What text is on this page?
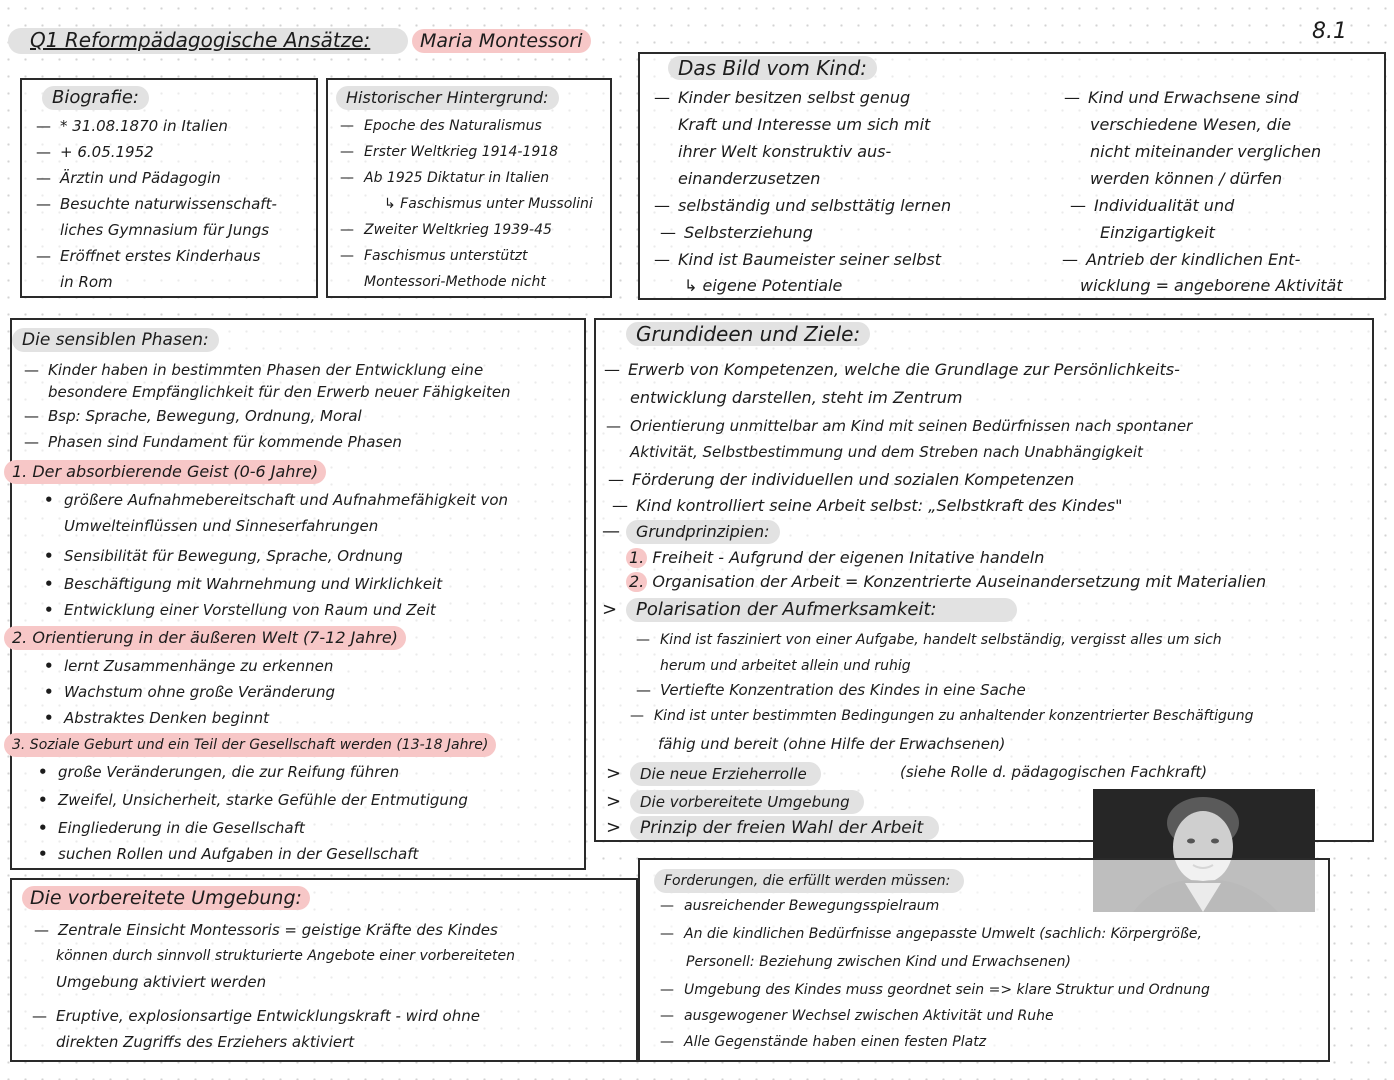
Q1 Reformpädagogische Ansätze:	Maria Montessori	8.1
Biografie:
— * 31.08.1870 in Italien
— + 6.05.1952
— Ärztin und Pädagogin
— Besuchte naturwissenschaft-
liches Gymnasium für Jungs
— Eröffnet erstes Kinderhaus
in Rom
Historischer Hintergrund:
— Epoche des Naturalismus
— Erster Weltkrieg 1914-1918
— Ab 1925 Diktatur in Italien
↳ Faschismus unter Mussolini
— Zweiter Weltkrieg 1939-45
— Faschismus unterstützt
Montessori-Methode nicht
Das Bild vom Kind:
— Kinder besitzen selbst genug
Kraft und Interesse um sich mit
ihrer Welt konstruktiv aus-
einanderzusetzen
— selbständig und selbsttätig lernen
— Selbsterziehung
— Kind ist Baumeister seiner selbst
↳ eigene Potentiale
— Kind und Erwachsene sind
verschiedene Wesen, die
nicht miteinander verglichen
werden können / dürfen
— Individualität und
Einzigartigkeit
— Antrieb der kindlichen Ent-
wicklung = angeborene Aktivität
Die sensiblen Phasen:
— Kinder haben in bestimmten Phasen der Entwicklung eine
besondere Empfänglichkeit für den Erwerb neuer Fähigkeiten
— Bsp: Sprache, Bewegung, Ordnung, Moral
— Phasen sind Fundament für kommende Phasen
1. Der absorbierende Geist (0-6 Jahre)
• größere Aufnahmebereitschaft und Aufnahmefähigkeit von
Umwelteinflüssen und Sinneserfahrungen
• Sensibilität für Bewegung, Sprache, Ordnung
• Beschäftigung mit Wahrnehmung und Wirklichkeit
• Entwicklung einer Vorstellung von Raum und Zeit
2. Orientierung in der äußeren Welt (7-12 Jahre)
• lernt Zusammenhänge zu erkennen
• Wachstum ohne große Veränderung
• Abstraktes Denken beginnt
3. Soziale Geburt und ein Teil der Gesellschaft werden (13-18 Jahre)
• große Veränderungen, die zur Reifung führen
• Zweifel, Unsicherheit, starke Gefühle der Entmutigung
• Eingliederung in die Gesellschaft
• suchen Rollen und Aufgaben in der Gesellschaft
Grundideen und Ziele:
— Erwerb von Kompetenzen, welche die Grundlage zur Persönlichkeits-
entwicklung darstellen, steht im Zentrum
— Orientierung unmittelbar am Kind mit seinen Bedürfnissen nach spontaner
Aktivität, Selbstbestimmung und dem Streben nach Unabhängigkeit
— Förderung der individuellen und sozialen Kompetenzen
— Kind kontrolliert seine Arbeit selbst: „Selbstkraft des Kindes"
— Grundprinzipien:
1. Freiheit - Aufgrund der eigenen Initative handeln
2. Organisation der Arbeit = Konzentrierte Auseinandersetzung mit Materialien
> Polarisation der Aufmerksamkeit:
— Kind ist fasziniert von einer Aufgabe, handelt selbständig, vergisst alles um sich
herum und arbeitet allein und ruhig
— Vertiefte Konzentration des Kindes in eine Sache
— Kind ist unter bestimmten Bedingungen zu anhaltender konzentrierter Beschäftigung
fähig und bereit (ohne Hilfe der Erwachsenen)
> Die neue Erzieherrolle	(siehe Rolle d. pädagogischen Fachkraft)
> Die vorbereitete Umgebung
> Prinzip der freien Wahl der Arbeit
Die vorbereitete Umgebung:
— Zentrale Einsicht Montessoris = geistige Kräfte des Kindes
können durch sinnvoll strukturierte Angebote einer vorbereiteten
Umgebung aktiviert werden
— Eruptive, explosionsartige Entwicklungskraft - wird ohne
direkten Zugriffs des Erziehers aktiviert
Forderungen, die erfüllt werden müssen:
— ausreichender Bewegungsspielraum
— An die kindlichen Bedürfnisse angepasste Umwelt (sachlich: Körpergröße,
Personell: Beziehung zwischen Kind und Erwachsenen)
— Umgebung des Kindes muss geordnet sein => klare Struktur und Ordnung
— ausgewogener Wechsel zwischen Aktivität und Ruhe
— Alle Gegenstände haben einen festen Platz
